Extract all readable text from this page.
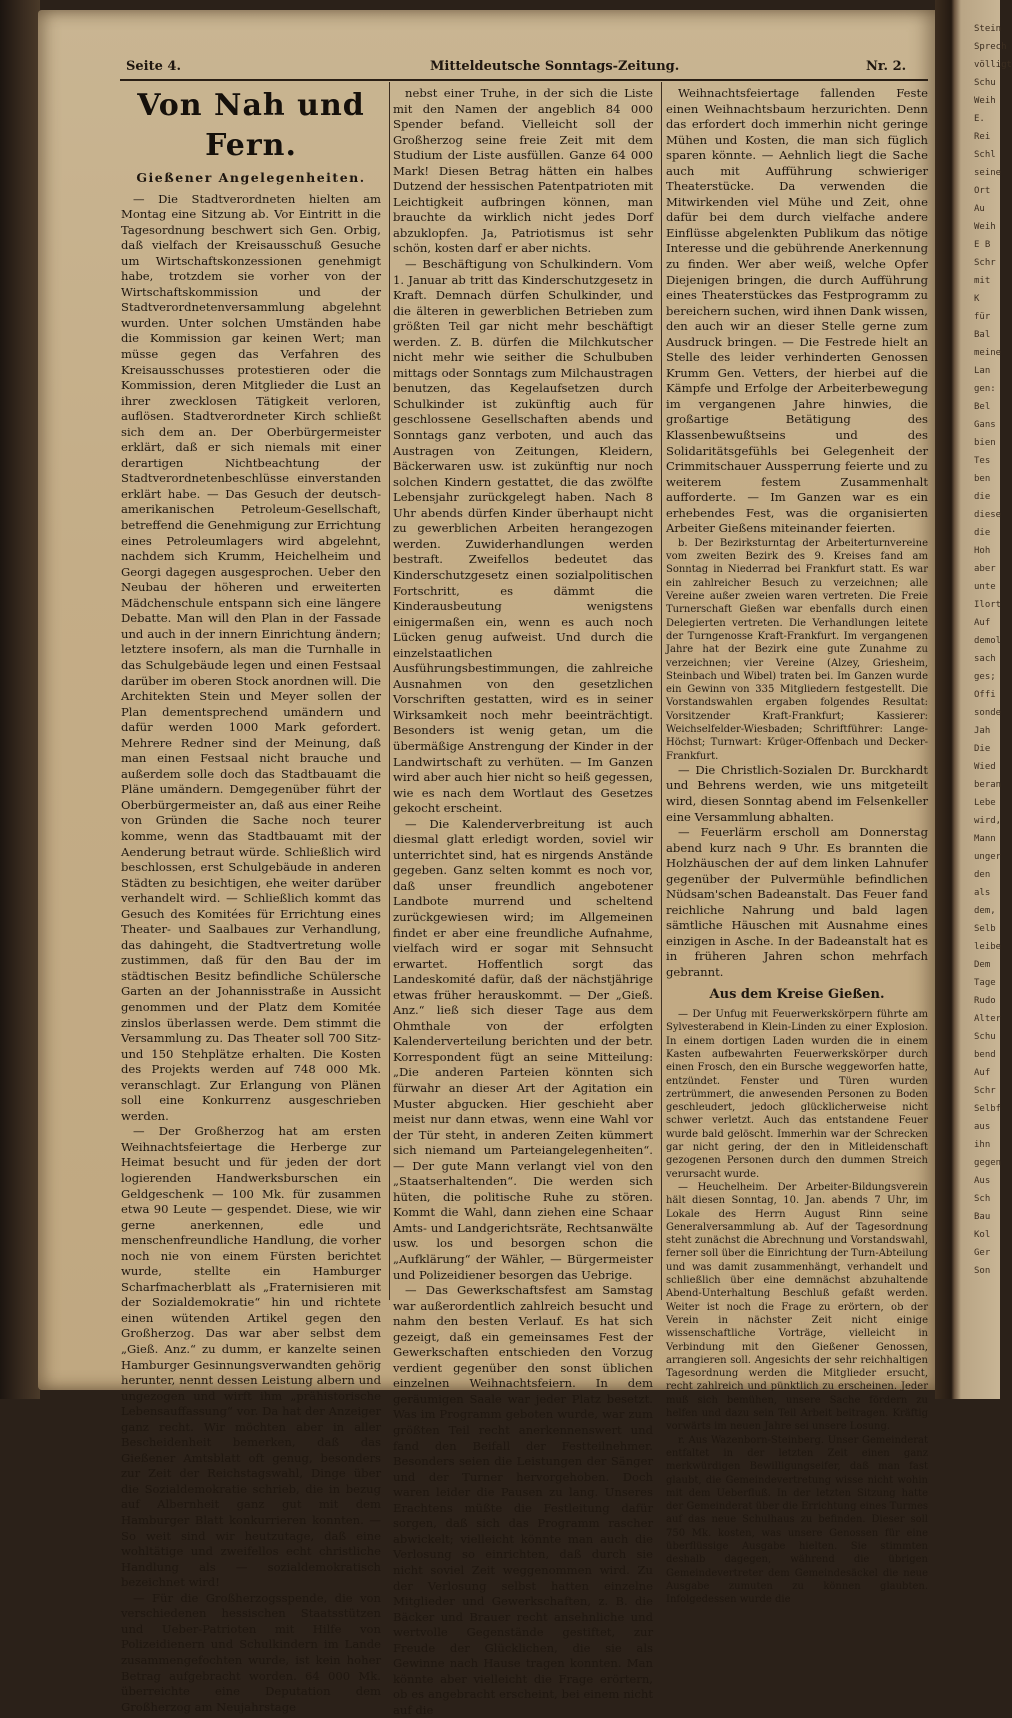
Stein
Sprech
völligt
Schu
Weih
E. Rei
Schl
seine
Ort
Au
Weih
E B
Schr
mit K
für
Bal
meine
Lan
gen:
Bel
Gans
bien
Tes
ben
die
diese
die
Hoh
aber
unte
Ilort
Auf
demol
sach
ges;
Offi
sonde
Jah
Die
Wied
beran
Lebe
wird,
Mann
unger
den
als
dem,
Selb
leibe
Dem
Tage
Rudo
Alter
Schu
bend
Auf
Schr
Selbf
aus
ihn
gegen
Aus
Sch
Bau
Kol
Ger
Son
Seite 4.	Mitteldeutsche Sonntags-Zeitung.	Nr. 2.
Von Nah und Fern.
Gießener Angelegenheiten.

— Die Stadtverordneten hielten am Montag eine Sitzung ab. Vor Eintritt in die Tagesordnung beschwert sich Gen. Orbig, daß vielfach der Kreisausschuß Gesuche um Wirtschaftskonzessionen genehmigt habe, trotzdem sie vorher von der Wirtschaftskommission und der Stadtverordnetenversammlung abgelehnt wurden. Unter solchen Umständen habe die Kommission gar keinen Wert; man müsse gegen das Verfahren des Kreisausschusses protestieren oder die Kommission, deren Mitglieder die Lust an ihrer zwecklosen Tätigkeit verloren, auflösen. Stadtverordneter Kirch schließt sich dem an. Der Oberbürgermeister erklärt, daß er sich niemals mit einer derartigen Nichtbeachtung der Stadtverordnetenbeschlüsse einverstanden erklärt habe. — Das Gesuch der deutsch-amerikanischen Petroleum-Gesellschaft, betreffend die Genehmigung zur Errichtung eines Petroleumlagers wird abgelehnt, nachdem sich Krumm, Heichelheim und Georgi dagegen ausgesprochen. Ueber den Neubau der höheren und erweiterten Mädchenschule entspann sich eine längere Debatte. Man will den Plan in der Fassade und auch in der innern Einrichtung ändern; letztere insofern, als man die Turnhalle in das Schulgebäude legen und einen Festsaal darüber im oberen Stock anordnen will. Die Architekten Stein und Meyer sollen der Plan dementsprechend umändern und dafür werden 1000 Mark gefordert. Mehrere Redner sind der Meinung, daß man einen Festsaal nicht brauche und außerdem solle doch das Stadtbauamt die Pläne umändern. Demgegenüber führt der Oberbürgermeister an, daß aus einer Reihe von Gründen die Sache noch teurer komme, wenn das Stadtbauamt mit der Aenderung betraut würde. Schließlich wird beschlossen, erst Schulgebäude in anderen Städten zu besichtigen, ehe weiter darüber verhandelt wird. — Schließlich kommt das Gesuch des Komitées für Errichtung eines Theater- und Saalbaues zur Verhandlung, das dahingeht, die Stadtvertretung wolle zustimmen, daß für den Bau der im städtischen Besitz befindliche Schülersche Garten an der Johannisstraße in Aussicht genommen und der Platz dem Komitée zinslos überlassen werde. Dem stimmt die Versammlung zu. Das Theater soll 700 Sitz- und 150 Stehplätze erhalten. Die Kosten des Projekts werden auf 748 000 Mk. veranschlagt. Zur Erlangung von Plänen soll eine Konkurrenz ausgeschrieben werden.

— Der Großherzog hat am ersten Weihnachtsfeiertage die Herberge zur Heimat besucht und für jeden der dort logierenden Handwerksburschen ein Geldgeschenk — 100 Mk. für zusammen etwa 90 Leute — gespendet. Diese, wie wir gerne anerkennen, edle und menschenfreundliche Handlung, die vorher noch nie von einem Fürsten berichtet wurde, stellte ein Hamburger Scharfmacherblatt als „Fraternisieren mit der Sozialdemokratie“ hin und richtete einen wütenden Artikel gegen den Großherzog. Das war aber selbst dem „Gieß. Anz.“ zu dumm, er kanzelte seinen Hamburger Gesinnungsverwandten gehörig herunter, nennt dessen Leistung albern und ungezogen und wirft ihm „prähistorische Lebensauffassung“ vor. Da hat der Anzeiger ganz recht. Wir möchten aber in aller Bescheidenheit bemerken, daß das Gießener Amtsblatt oft genug, besonders zur Zeit der Reichstagswahl, Dinge über die Sozialdemokratie schrieb, die in bezug auf Albernheit ganz gut mit dem Hamburger Blatt konkurrieren konnten. — So weit sind wir heutzutage, daß eine wohltätige und zweifellos echt christliche Handlung als — sozialdemokratisch bezeichnet wird!

— Für die Großherzogsspende, die von verschiedenen hessischen Staatsstützen und Ueber-Patrioten mit Hilfe von Polizeidienern und Schulkindern im Lande zusammengefochten wurde, ist kein hoher Betrag aufgebracht worden. 64 000 Mk. überreichte eine Deputation dem Großherzog am Neujahrstage

nebst einer Truhe, in der sich die Liste mit den Namen der angeblich 84 000 Spender befand. Vielleicht soll der Großherzog seine freie Zeit mit dem Studium der Liste ausfüllen. Ganze 64 000 Mark! Diesen Betrag hätten ein halbes Dutzend der hessischen Patentpatrioten mit Leichtigkeit aufbringen können, man brauchte da wirklich nicht jedes Dorf abzuklopfen. Ja, Patriotismus ist sehr schön, kosten darf er aber nichts.

— Beschäftigung von Schulkindern. Vom 1. Januar ab tritt das Kinderschutzgesetz in Kraft. Demnach dürfen Schulkinder, und die älteren in gewerblichen Betrieben zum größten Teil gar nicht mehr beschäftigt werden. Z. B. dürfen die Milchkutscher nicht mehr wie seither die Schulbuben mittags oder Sonntags zum Milchaustragen benutzen, das Kegelaufsetzen durch Schulkinder ist zukünftig auch für geschlossene Gesellschaften abends und Sonntags ganz verboten, und auch das Austragen von Zeitungen, Kleidern, Bäckerwaren usw. ist zukünftig nur noch solchen Kindern gestattet, die das zwölfte Lebensjahr zurückgelegt haben. Nach 8 Uhr abends dürfen Kinder überhaupt nicht zu gewerblichen Arbeiten herangezogen werden. Zuwiderhandlungen werden bestraft. Zweifellos bedeutet das Kinderschutzgesetz einen sozialpolitischen Fortschritt, es dämmt die Kinderausbeutung wenigstens einigermaßen ein, wenn es auch noch Lücken genug aufweist. Und durch die einzelstaatlichen Ausführungsbestimmungen, die zahlreiche Ausnahmen von den gesetzlichen Vorschriften gestatten, wird es in seiner Wirksamkeit noch mehr beeinträchtigt. Besonders ist wenig getan, um die übermäßige Anstrengung der Kinder in der Landwirtschaft zu verhüten. — Im Ganzen wird aber auch hier nicht so heiß gegessen, wie es nach dem Wortlaut des Gesetzes gekocht erscheint.

— Die Kalenderverbreitung ist auch diesmal glatt erledigt worden, soviel wir unterrichtet sind, hat es nirgends Anstände gegeben. Ganz selten kommt es noch vor, daß unser freundlich angebotener Landbote murrend und scheltend zurückgewiesen wird; im Allgemeinen findet er aber eine freundliche Aufnahme, vielfach wird er sogar mit Sehnsucht erwartet. Hoffentlich sorgt das Landeskomité dafür, daß der nächstjährige etwas früher herauskommt. — Der „Gieß. Anz.“ ließ sich dieser Tage aus dem Ohmthale von der erfolgten Kalenderverteilung berichten und der betr. Korrespondent fügt an seine Mitteilung: „Die anderen Parteien könnten sich fürwahr an dieser Art der Agitation ein Muster abgucken. Hier geschieht aber meist nur dann etwas, wenn eine Wahl vor der Tür steht, in anderen Zeiten kümmert sich niemand um Parteiangelegenheiten“. — Der gute Mann verlangt viel von den „Staatserhaltenden“. Die werden sich hüten, die politische Ruhe zu stören. Kommt die Wahl, dann ziehen eine Schaar Amts- und Landgerichtsräte, Rechtsanwälte usw. los und besorgen schon die „Aufklärung“ der Wähler, — Bürgermeister und Polizeidiener besorgen das Uebrige.

— Das Gewerkschaftsfest am Samstag war außerordentlich zahlreich besucht und nahm den besten Verlauf. Es hat sich gezeigt, daß ein gemeinsames Fest der Gewerkschaften entschieden den Vorzug verdient gegenüber den sonst üblichen einzelnen Weihnachtsfeiern. In dem geräumigen Saale war jeder Platz besetzt. Was im Programm geboten wurde, war zum größten Teil recht anerkennenswert und fand den Beifall der Festteilnehmer. Besonders seien die Leistungen der Sänger und der Turner hervorgehoben. Doch waren leider die Pausen zu lang. Unseres Erachtens müßte die Festleitung dafür sorgen, daß sich das Programm rascher abwickelt; vielleicht könnte man auch die Verlosung so einrichten, daß durch sie nicht soviel Zeit weggenommen wird. Zu der Verlosung selbst hatten einzelne Mitglieder und Gewerkschaften, z. B. die Bäcker und Brauer recht ansehnliche und wertvolle Gegenstände gestiftet, zur Freude der Glücklichen, die sie als Gewinne nach Hause tragen konnten. Man könnte aber vielleicht die Frage erörtern, ob es angebracht erscheint, bei einem nicht auf die

Weihnachtsfeiertage fallenden Feste einen Weihnachtsbaum herzurichten. Denn das erfordert doch immerhin nicht geringe Mühen und Kosten, die man sich füglich sparen könnte. — Aehnlich liegt die Sache auch mit Aufführung schwieriger Theaterstücke. Da verwenden die Mitwirkenden viel Mühe und Zeit, ohne dafür bei dem durch vielfache andere Einflüsse abgelenkten Publikum das nötige Interesse und die gebührende Anerkennung zu finden. Wer aber weiß, welche Opfer Diejenigen bringen, die durch Aufführung eines Theaterstückes das Festprogramm zu bereichern suchen, wird ihnen Dank wissen, den auch wir an dieser Stelle gerne zum Ausdruck bringen. — Die Festrede hielt an Stelle des leider verhinderten Genossen Krumm Gen. Vetters, der hierbei auf die Kämpfe und Erfolge der Arbeiterbewegung im vergangenen Jahre hinwies, die großartige Betätigung des Klassenbewußtseins und des Solidaritätsgefühls bei Gelegenheit der Crimmitschauer Aussperrung feierte und zu weiterem festem Zusammenhalt aufforderte. — Im Ganzen war es ein erhebendes Fest, was die organisierten Arbeiter Gießens miteinander feierten.

b. Der Bezirksturntag der Arbeiterturnvereine vom zweiten Bezirk des 9. Kreises fand am Sonntag in Niederrad bei Frankfurt statt. Es war ein zahlreicher Besuch zu verzeichnen; alle Vereine außer zweien waren vertreten. Die Freie Turnerschaft Gießen war ebenfalls durch einen Delegierten vertreten. Die Verhandlungen leitete der Turngenosse Kraft-Frankfurt. Im vergangenen Jahre hat der Bezirk eine gute Zunahme zu verzeichnen; vier Vereine (Alzey, Griesheim, Steinbach und Wibel) traten bei. Im Ganzen wurde ein Gewinn von 335 Mitgliedern festgestellt. Die Vorstandswahlen ergaben folgendes Resultat: Vorsitzender Kraft-Frankfurt; Kassierer: Weichselfelder-Wiesbaden; Schriftführer: Lange-Höchst; Turnwart: Krüger-Offenbach und Decker-Frankfurt.

— Die Christlich-Sozialen Dr. Burckhardt und Behrens werden, wie uns mitgeteilt wird, diesen Sonntag abend im Felsenkeller eine Versammlung abhalten.

— Feuerlärm erscholl am Donnerstag abend kurz nach 9 Uhr. Es brannten die Holzhäuschen der auf dem linken Lahnufer gegenüber der Pulvermühle befindlichen Nüdsam'schen Badeanstalt. Das Feuer fand reichliche Nahrung und bald lagen sämtliche Häuschen mit Ausnahme eines einzigen in Asche. In der Badeanstalt hat es in früheren Jahren schon mehrfach gebrannt.

Aus dem Kreise Gießen.

— Der Unfug mit Feuerwerkskörpern führte am Sylvesterabend in Klein-Linden zu einer Explosion. In einem dortigen Laden wurden die in einem Kasten aufbewahrten Feuerwerkskörper durch einen Frosch, den ein Bursche weggeworfen hatte, entzündet. Fenster und Türen wurden zertrümmert, die anwesenden Personen zu Boden geschleudert, jedoch glücklicherweise nicht schwer verletzt. Auch das entstandene Feuer wurde bald gelöscht. Immerhin war der Schrecken gar nicht gering, der den in Mitleidenschaft gezogenen Personen durch den dummen Streich verursacht wurde.

— Heuchelheim. Der Arbeiter-Bildungsverein hält diesen Sonntag, 10. Jan. abends 7 Uhr, im Lokale des Herrn August Rinn seine Generalversammlung ab. Auf der Tagesordnung steht zunächst die Abrechnung und Vorstandswahl, ferner soll über die Einrichtung der Turn-Abteilung und was damit zusammenhängt, verhandelt und schließlich über eine demnächst abzuhaltende Abend-Unterhaltung Beschluß gefaßt werden. Weiter ist noch die Frage zu erörtern, ob der Verein in nächster Zeit nicht einige wissenschaftliche Vorträge, vielleicht in Verbindung mit den Gießener Genossen, arrangieren soll. Angesichts der sehr reichhaltigen Tagesordnung werden die Mitglieder ersucht, recht zahlreich und pünktlich zu erscheinen. Jeder muß sich bemühen, unsere Sache fördern zu helfen und dazu sein Teil Arbeit beitragen. Kräftig vorwärts im neuen Jahre sei unsere Losung.

r. Aus Wazenborn-Steinberg. Unser Gemeinderat entfaltet in der letzten Zeit einen ganz merkwürdigen Bewilligungseifer, daß man fast glaubt, die Gemeindevertretung wisse nicht wohin mit dem Ueberfluß. In der letzten Sitzung hatte der Gemeinderat über die Errichtung eines Turmes auf das neue Schulhaus zu befinden. Dieser soll 750 Mk. kosten, was unsere Genossen für eine überflüssige Ausgabe hielten. Sie stimmten deshalb dagegen, während die übrigen Gemeindevertreter dem Gemeindesäckel die neue Ausgabe zumuten zu können glaubten. Infolgedessen wurde die
